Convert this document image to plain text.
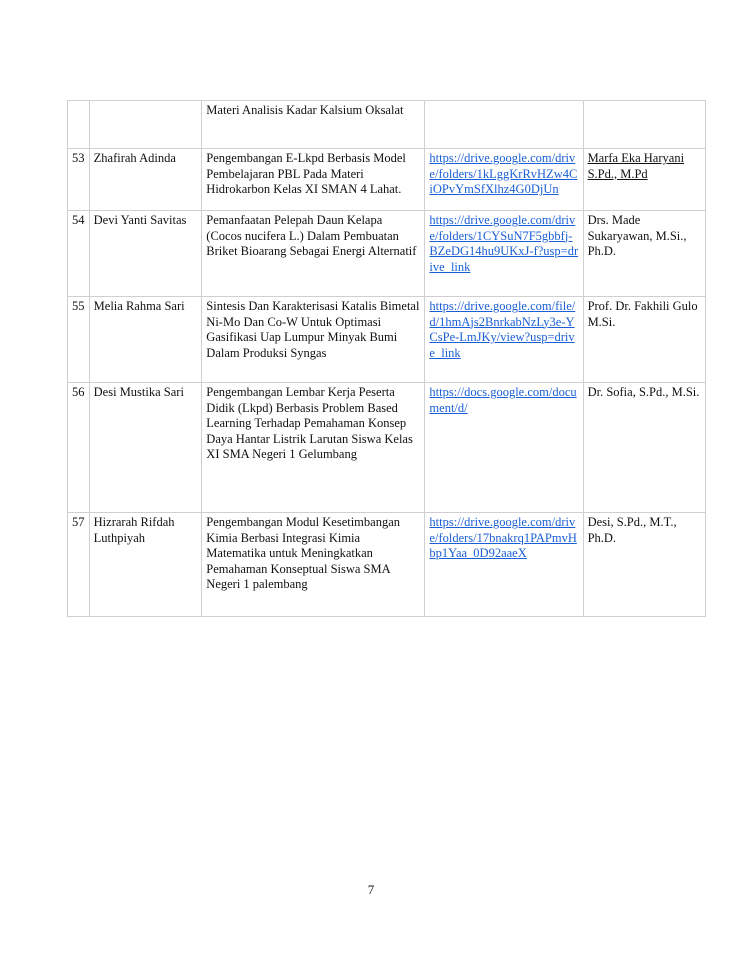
		Materi Analisis Kadar Kalsium Oksalat		
53	Zhafirah Adinda	Pengembangan E-Lkpd Berbasis Model Pembelajaran PBL Pada Materi Hidrokarbon Kelas XI SMAN 4 Lahat.	https://drive.google.com/drive/folders/1kLggKrRvHZw4CiOPvYmSfXlhz4G0DjUn	Marfa Eka Haryani S.Pd., M.Pd
54	Devi Yanti Savitas	Pemanfaatan Pelepah Daun Kelapa (Cocos nucifera L.) Dalam Pembuatan Briket Bioarang Sebagai Energi Alternatif	https://drive.google.com/drive/folders/1CYSuN7F5gbbfj-BZeDG14hu9UKxJ-f?usp=drive_link	Drs. Made Sukaryawan, M.Si., Ph.D.
55	Melia Rahma Sari	Sintesis Dan Karakterisasi Katalis Bimetal Ni-Mo Dan Co-W Untuk Optimasi Gasifikasi Uap Lumpur Minyak Bumi Dalam Produksi Syngas	https://drive.google.com/file/d/1hmAjs2BnrkabNzLy3e-YCsPe-LmJKy/view?usp=drive_link	Prof. Dr. Fakhili Gulo M.Si.
56	Desi Mustika Sari	Pengembangan Lembar Kerja Peserta Didik (Lkpd) Berbasis Problem Based Learning Terhadap Pemahaman Konsep Daya Hantar Listrik Larutan Siswa Kelas XI SMA Negeri 1 Gelumbang	https://docs.google.com/document/d/	Dr. Sofia, S.Pd., M.Si.
57	Hizrarah Rifdah Luthpiyah	Pengembangan Modul Kesetimbangan Kimia Berbasi Integrasi Kimia Matematika untuk Meningkatkan Pemahaman Konseptual Siswa SMA Negeri 1 palembang	https://drive.google.com/drive/folders/17bnakrq1PAPmvHbp1Yaa_0D92aaeX	Desi, S.Pd., M.T., Ph.D.
7
